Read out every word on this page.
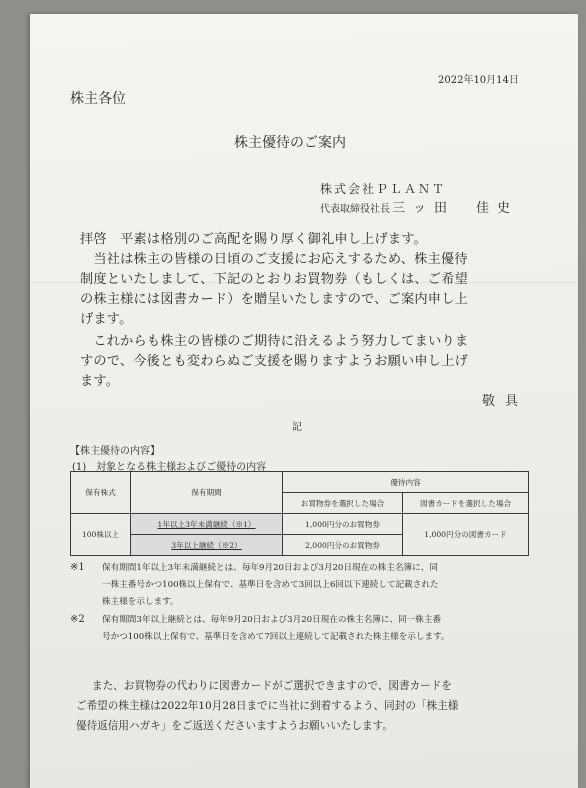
2022年10月14日
株主各位
株主優待のご案内
株式会社ＰＬＡＮＴ
代表取締役社長 三ッ田　佳史
拝啓　平素は格別のご高配を賜り厚く御礼申し上げます。
　当社は株主の皆様の日頃のご支援にお応えするため、株主優待
制度といたしまして、下記のとおりお買物券（もしくは、ご希望
の株主様には図書カード）を贈呈いたしますので、ご案内申し上
げます。
　これからも株主の皆様のご期待に沿えるよう努力してまいりま
すので、今後とも変わらぬご支援を賜りますようお願い申し上げ
ます。
敬具
記
【株主優待の内容】
(1)　対象となる株主様およびご優待の内容
保有株式	保有期間	優待内容	
		お買物券を選択した場合	図書カードを選択した場合
100株以上	1年以上3年未満継続（※1）	1,000円分のお買物券	1,000円分の図書カード
	3年以上継続（※2）	2,000円分のお買物券	
※1 保有期間1年以上3年未満継続とは、毎年9月20日および3月20日現在の株主名簿に、同
一株主番号かつ100株以上保有で、基準日を含めて3回以上6回以下連続して記載された
株主様を示します。
※2 保有期間3年以上継続とは、毎年9月20日および3月20日現在の株主名簿に、同一株主番
号かつ100株以上保有で、基準日を含めて7回以上連続して記載された株主様を示します。
また、お買物券の代わりに図書カードがご選択できますので、図書カードを
ご希望の株主様は2022年10月28日までに当社に到着するよう、同封の「株主様
優待返信用ハガキ」をご返送くださいますようお願いいたします。
